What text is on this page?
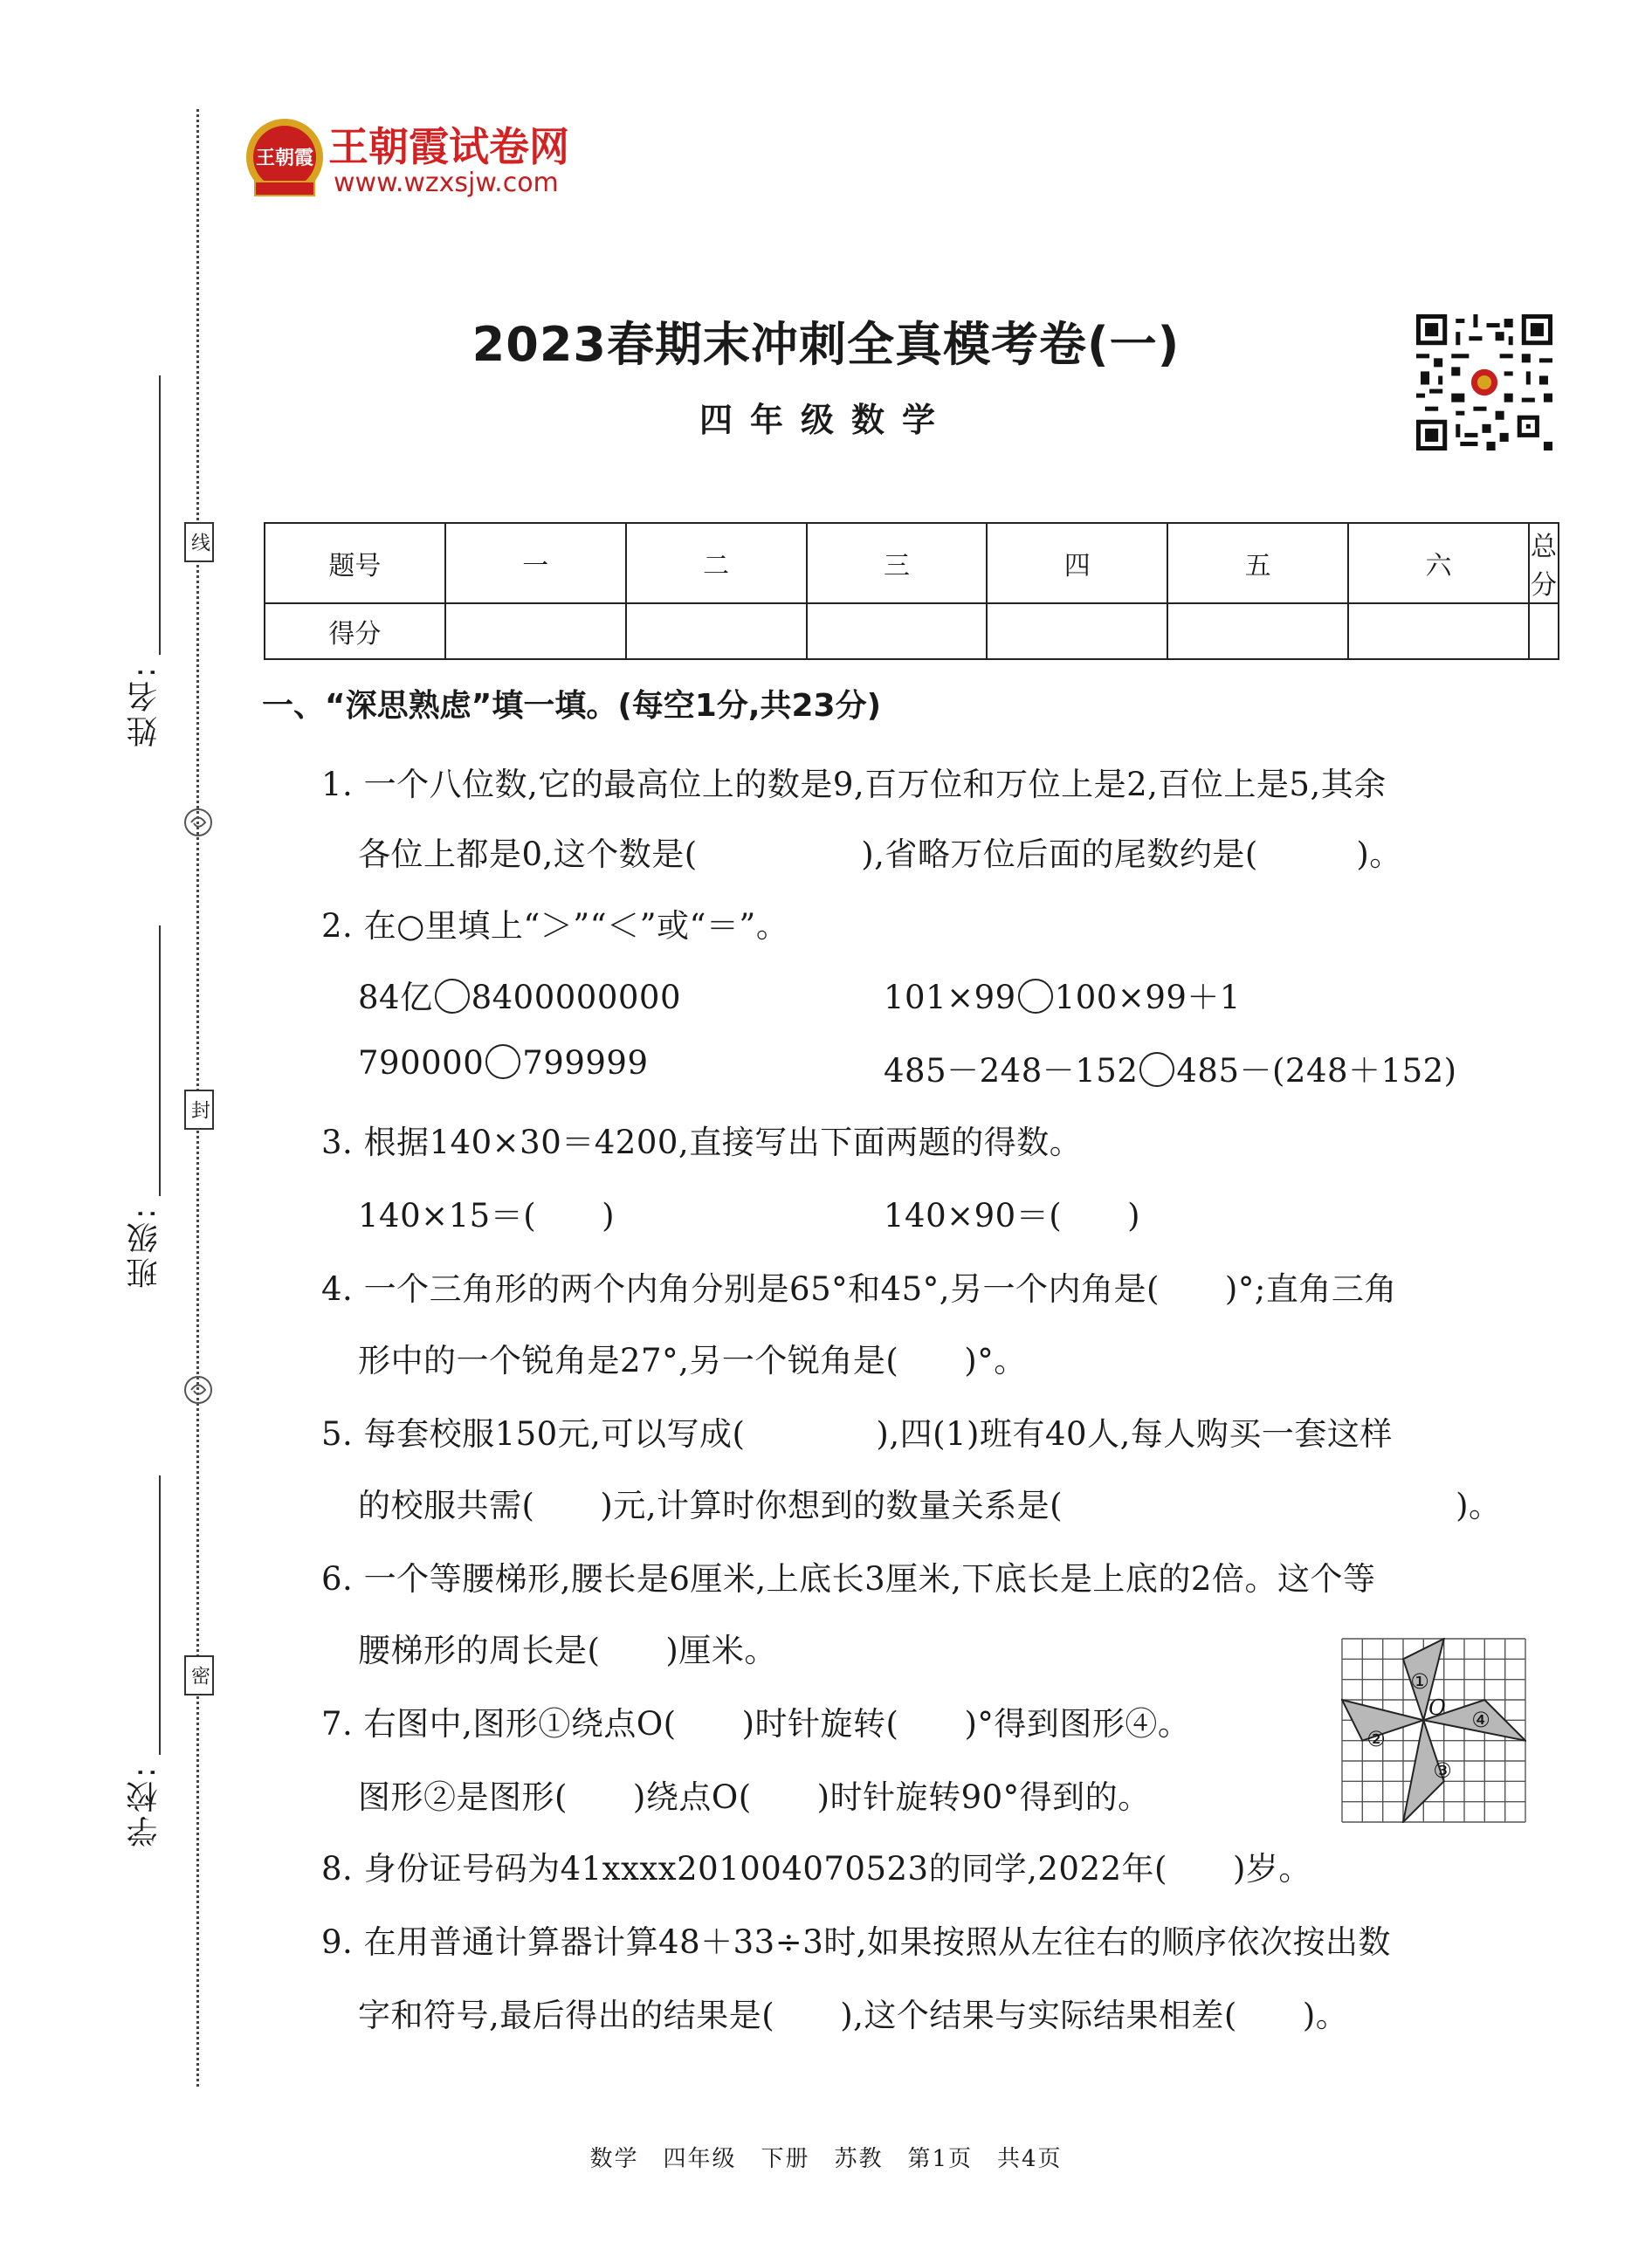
姓名:
班级:
学校:
线
封
密
王朝霞 王朝霞试卷网
www.wzxsjw.com
2023春期末冲刺全真模考卷(一)
四年级数学
题号	一	二	三	四	五	六	总分
得分							
一、“深思熟虑”填一填。(每空1分,共23分)
1. 一个八位数,它的最高位上的数是9,百万位和万位上是2,百位上是5,其余
各位上都是0,这个数是(　　　　　),省略万位后面的尾数约是(　　　)。
2. 在○里填上“＞”“＜”或“＝”。
84亿 8400000000	101×99 100×99＋1
790000 799999	485－248－152 485－(248＋152)
3. 根据140×30＝4200,直接写出下面两题的得数。
140×15＝(　　)	140×90＝(　　)
4. 一个三角形的两个内角分别是65°和45°,另一个内角是(　　)°;直角三角
形中的一个锐角是27°,另一个锐角是(　　)°。
5. 每套校服150元,可以写成(　　　　),四(1)班有40人,每人购买一套这样
的校服共需(　　)元,计算时你想到的数量关系是(　　　　　　　　　　　　)。
6. 一个等腰梯形,腰长是6厘米,上底长3厘米,下底长是上底的2倍。这个等
腰梯形的周长是(　　)厘米。
7. 右图中,图形①绕点O(　　)时针旋转(　　)°得到图形④。
图形②是图形(　　)绕点O(　　)时针旋转90°得到的。
①
④
③
②
O
8. 身份证号码为41xxxx201004070523的同学,2022年(　　)岁。
9. 在用普通计算器计算48＋33÷3时,如果按照从左往右的顺序依次按出数
字和符号,最后得出的结果是(　　),这个结果与实际结果相差(　　)。
数学　四年级　下册　苏教　第1页　共4页
